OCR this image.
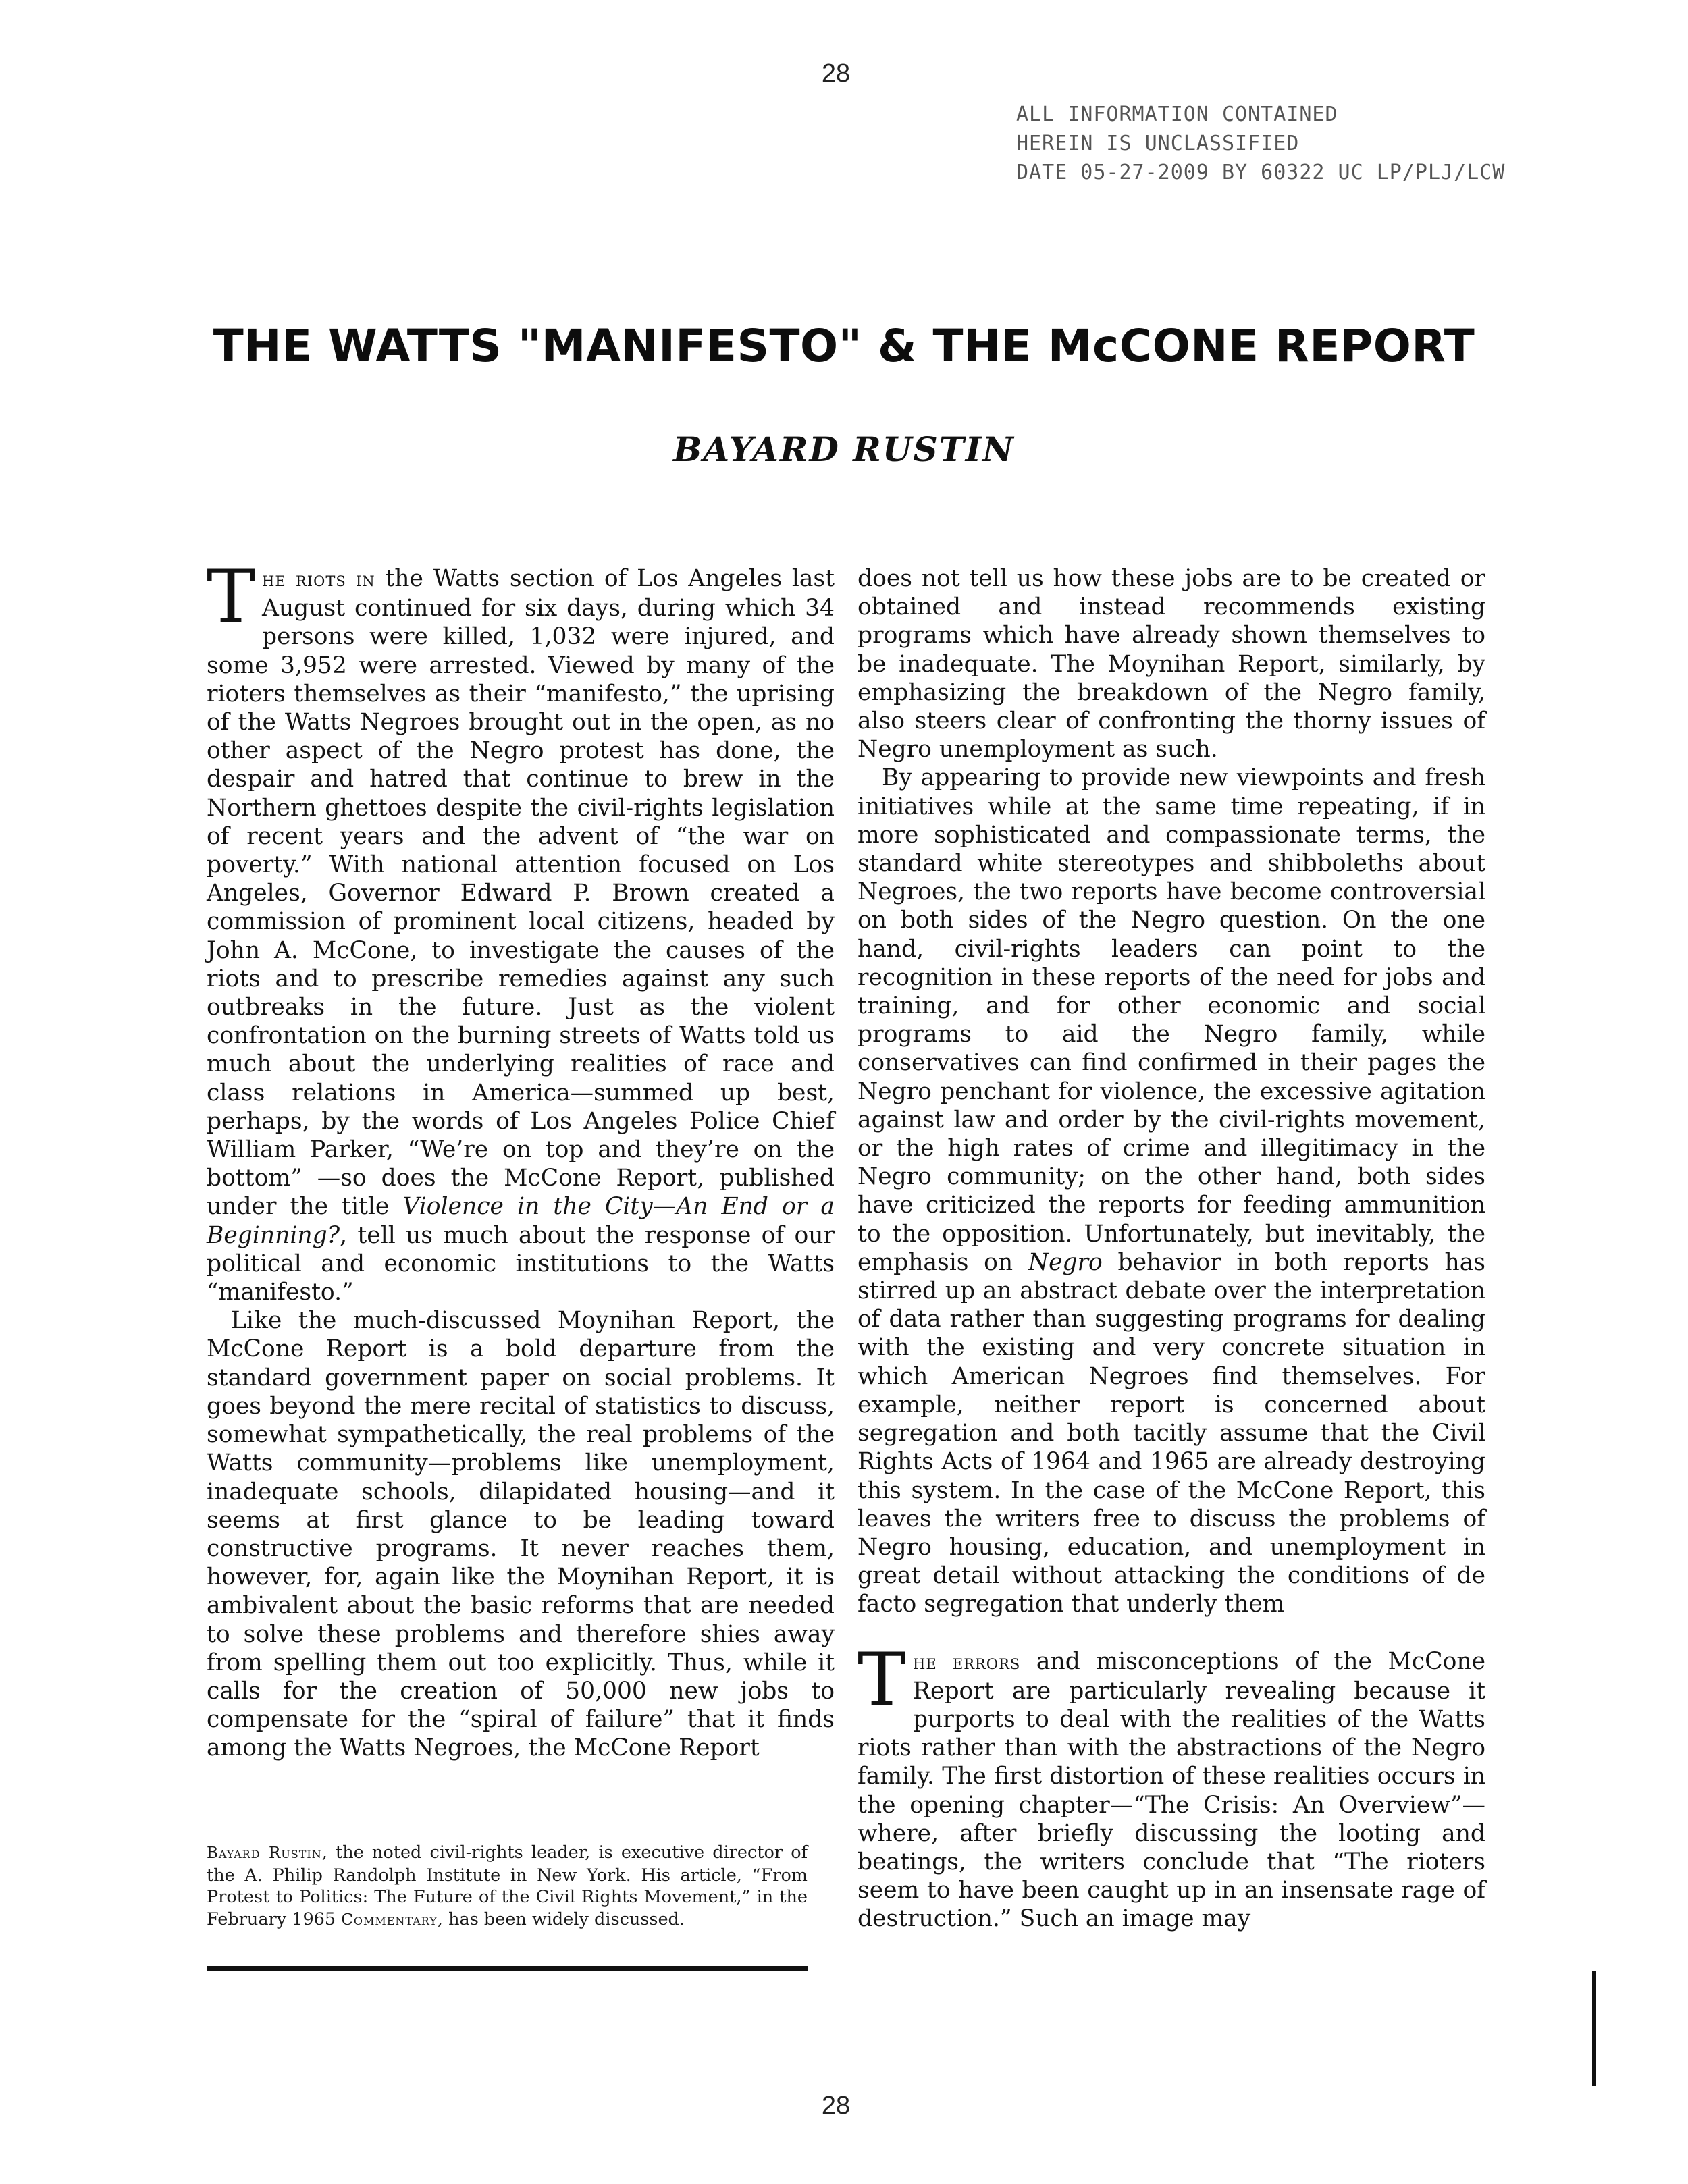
28
ALL INFORMATION CONTAINED
HEREIN IS UNCLASSIFIED
DATE 05-27-2009 BY 60322 UC LP/PLJ/LCW
THE WATTS "MANIFESTO" & THE McCONE REPORT
BAYARD RUSTIN

The riots in the Watts section of Los Angeles last August continued for six days, during which 34 persons were killed, 1,032 were injured, and some 3,952 were arrested. Viewed by many of the rioters themselves as their “manifesto,” the uprising of the Watts Negroes brought out in the open, as no other aspect of the Negro protest has done, the despair and hatred that continue to brew in the Northern ghettoes despite the civil-rights legislation of recent years and the advent of “the war on poverty.” With national attention focused on Los Angeles, Governor Edward P. Brown created a commission of prominent local citizens, headed by John A. McCone, to investigate the causes of the riots and to prescribe remedies against any such outbreaks in the future. Just as the violent confrontation on the burning streets of Watts told us much about the underlying realities of race and class relations in America—summed up best, perhaps, by the words of Los Angeles Police Chief William Parker, “We’re on top and they’re on the bottom” —so does the McCone Report, published under the title Violence in the City—An End or a Beginning?, tell us much about the response of our political and economic institutions to the Watts “manifesto.”

Like the much-discussed Moynihan Report, the McCone Report is a bold departure from the standard government paper on social problems. It goes beyond the mere recital of statistics to discuss, somewhat sympathetically, the real problems of the Watts community—problems like unemployment, inadequate schools, dilapidated housing—and it seems at first glance to be leading toward constructive programs. It never reaches them, however, for, again like the Moynihan Report, it is ambivalent about the basic reforms that are needed to solve these problems and therefore shies away from spelling them out too explicitly. Thus, while it calls for the creation of 50,000 new jobs to compensate for the “spiral of failure” that it finds among the Watts Negroes, the McCone Report

Bayard Rustin, the noted civil-rights leader, is executive director of the A. Philip Randolph Institute in New York. His article, “From Protest to Politics: The Future of the Civil Rights Movement,” in the February 1965 Commentary, has been widely discussed.

does not tell us how these jobs are to be created or obtained and instead recommends existing programs which have already shown themselves to be inadequate. The Moynihan Report, similarly, by emphasizing the breakdown of the Negro family, also steers clear of confronting the thorny issues of Negro unemployment as such.

By appearing to provide new viewpoints and fresh initiatives while at the same time repeating, if in more sophisticated and compassionate terms, the standard white stereotypes and shibboleths about Negroes, the two reports have become controversial on both sides of the Negro question. On the one hand, civil-rights leaders can point to the recognition in these reports of the need for jobs and training, and for other economic and social programs to aid the Negro family, while conservatives can find confirmed in their pages the Negro penchant for violence, the excessive agitation against law and order by the civil-rights movement, or the high rates of crime and illegitimacy in the Negro community; on the other hand, both sides have criticized the reports for feeding ammunition to the opposition. Unfortunately, but inevitably, the emphasis on Negro behavior in both reports has stirred up an abstract debate over the interpretation of data rather than suggesting programs for dealing with the existing and very concrete situation in which American Negroes find themselves. For example, neither report is concerned about segregation and both tacitly assume that the Civil Rights Acts of 1964 and 1965 are already destroying this system. In the case of the McCone Report, this leaves the writers free to discuss the problems of Negro housing, education, and unemployment in great detail without attacking the conditions of de facto segregation that underly them

The errors and misconceptions of the McCone Report are particularly revealing because it purports to deal with the realities of the Watts riots rather than with the abstractions of the Negro family. The first distortion of these realities occurs in the opening chapter—“The Crisis: An Overview”—where, after briefly discussing the looting and beatings, the writers conclude that “The rioters seem to have been caught up in an insensate rage of destruction.” Such an image may

28
